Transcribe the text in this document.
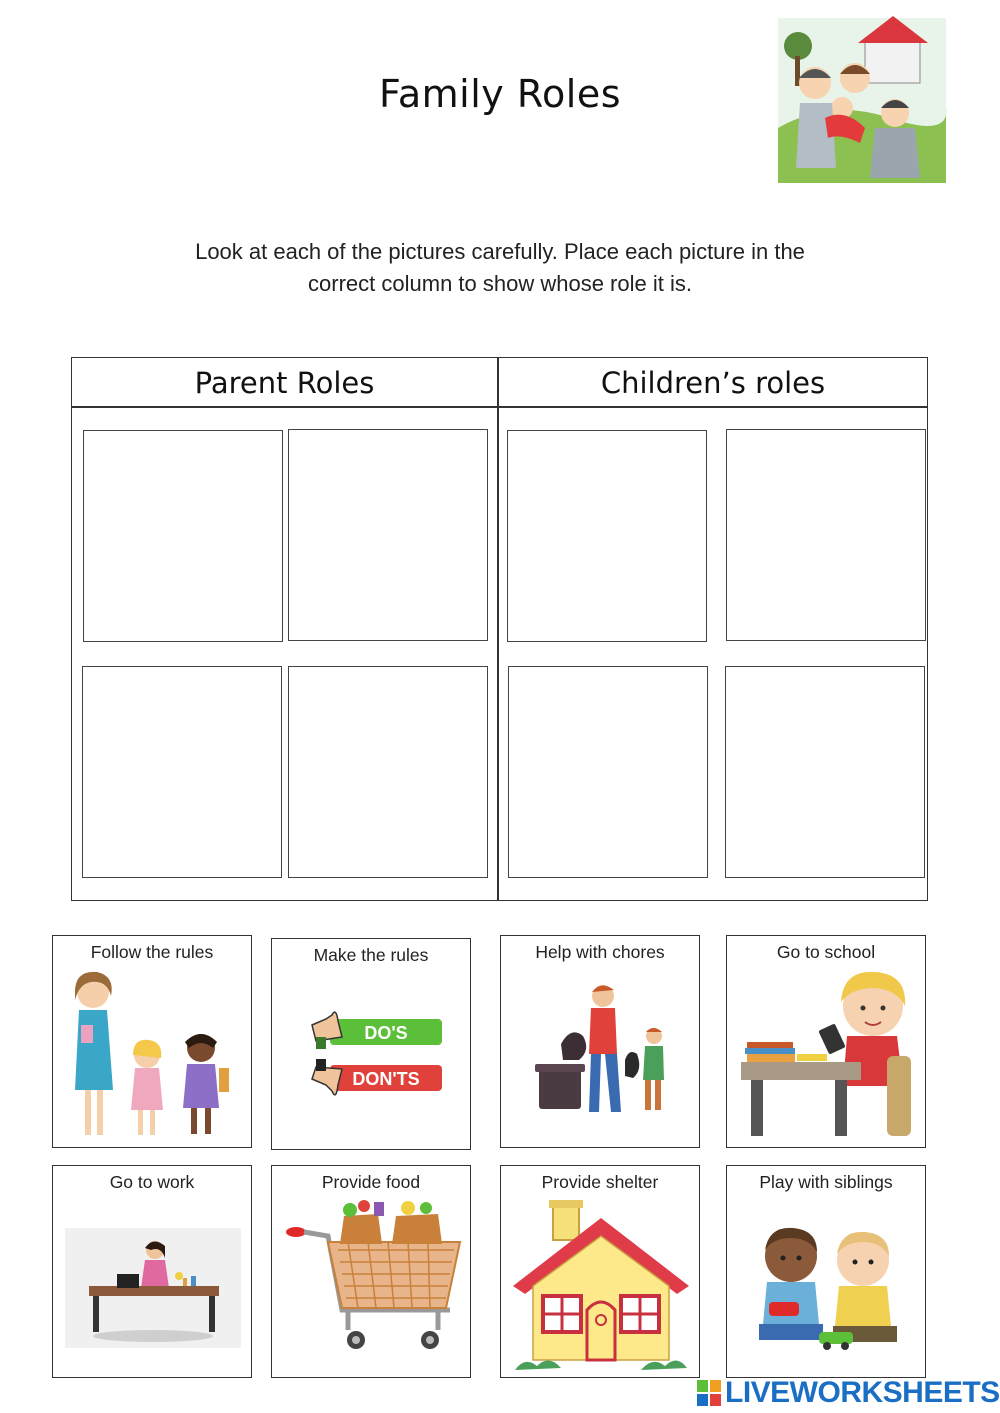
Family Roles
Look at each of the pictures carefully. Place each picture in the
correct column to show whose role it is.
Parent Roles	Children’s roles
Follow the rules	Make the rules
DO'S
DON'TS
Help with chores	Go to school
Go to work	Provide food	Provide shelter	Play with siblings
LIVEWORKSHEETS
